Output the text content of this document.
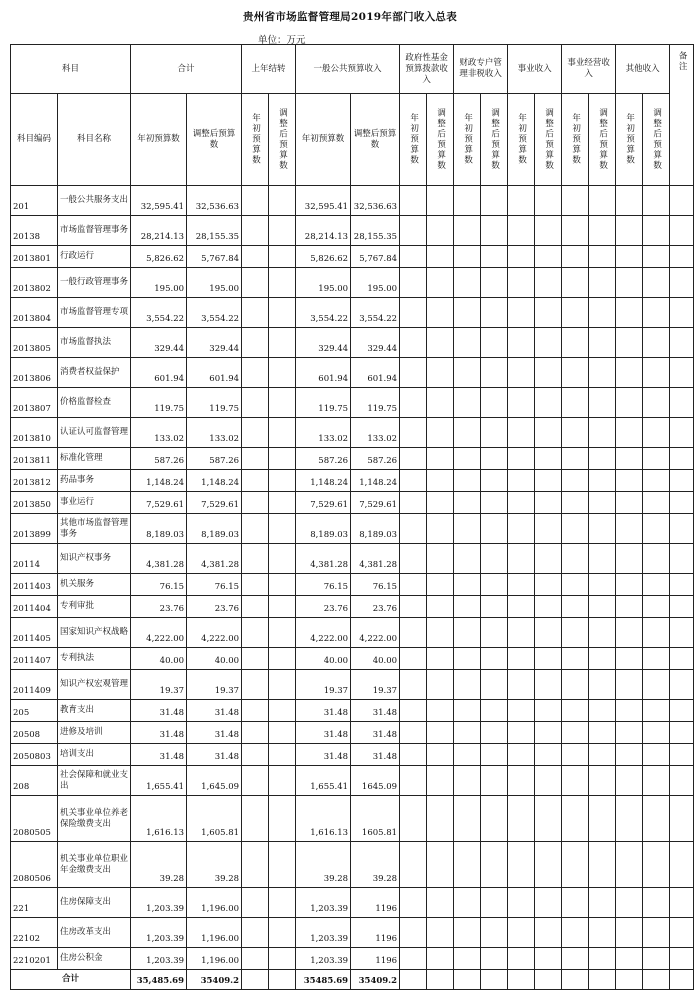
贵州省市场监督管理局2019年部门收入总表
单位：万元
科目		合计		上年结转		一般公共预算收入		政府性基金预算拨款收入		财政专户管理非税收入		事业收入		事业经营收入		其他收入		备注

科目编码	科目名称	年初预算数	调整后预算数	年初预算数	调整后预算数	年初预算数	调整后预算数	年初预算数	调整后预算数	年初预算数	调整后预算数	年初预算数	调整后预算数	年初预算数	调整后预算数	年初预算数	调整后预算数	

201	一般公共服务支出	32,595.41	32,536.63			32,595.41	32,536.63											
20138	市场监督管理事务	28,214.13	28,155.35			28,214.13	28,155.35											
2013801	行政运行	5,826.62	5,767.84			5,826.62	5,767.84											
2013802	一般行政管理事务	195.00	195.00			195.00	195.00											
2013804	市场监督管理专项	3,554.22	3,554.22			3,554.22	3,554.22											
2013805	市场监督执法	329.44	329.44			329.44	329.44											
2013806	消费者权益保护	601.94	601.94			601.94	601.94											
2013807	价格监督检查	119.75	119.75			119.75	119.75											
2013810	认证认可监督管理	133.02	133.02			133.02	133.02											
2013811	标准化管理	587.26	587.26			587.26	587.26											
2013812	药品事务	1,148.24	1,148.24			1,148.24	1,148.24											
2013850	事业运行	7,529.61	7,529.61			7,529.61	7,529.61											
2013899	其他市场监督管理事务	8,189.03	8,189.03			8,189.03	8,189.03											
20114	知识产权事务	4,381.28	4,381.28			4,381.28	4,381.28											
2011403	机关服务	76.15	76.15			76.15	76.15											
2011404	专利审批	23.76	23.76			23.76	23.76											
2011405	国家知识产权战略	4,222.00	4,222.00			4,222.00	4,222.00											
2011407	专利执法	40.00	40.00			40.00	40.00											
2011409	知识产权宏观管理	19.37	19.37			19.37	19.37											
205	教育支出	31.48	31.48			31.48	31.48											
20508	进修及培训	31.48	31.48			31.48	31.48											
2050803	培训支出	31.48	31.48			31.48	31.48											
208	社会保障和就业支出	1,655.41	1,645.09			1,655.41	1645.09											
2080505	机关事业单位养老保险缴费支出	1,616.13	1,605.81			1,616.13	1605.81											
2080506	机关事业单位职业年金缴费支出	39.28	39.28			39.28	39.28											
221	住房保障支出	1,203.39	1,196.00			1,203.39	1196											
22102	住房改革支出	1,203.39	1,196.00			1,203.39	1196											
2210201	住房公积金	1,203.39	1,196.00			1,203.39	1196											
合计		35,485.69	35409.2			35485.69	35409.2											
